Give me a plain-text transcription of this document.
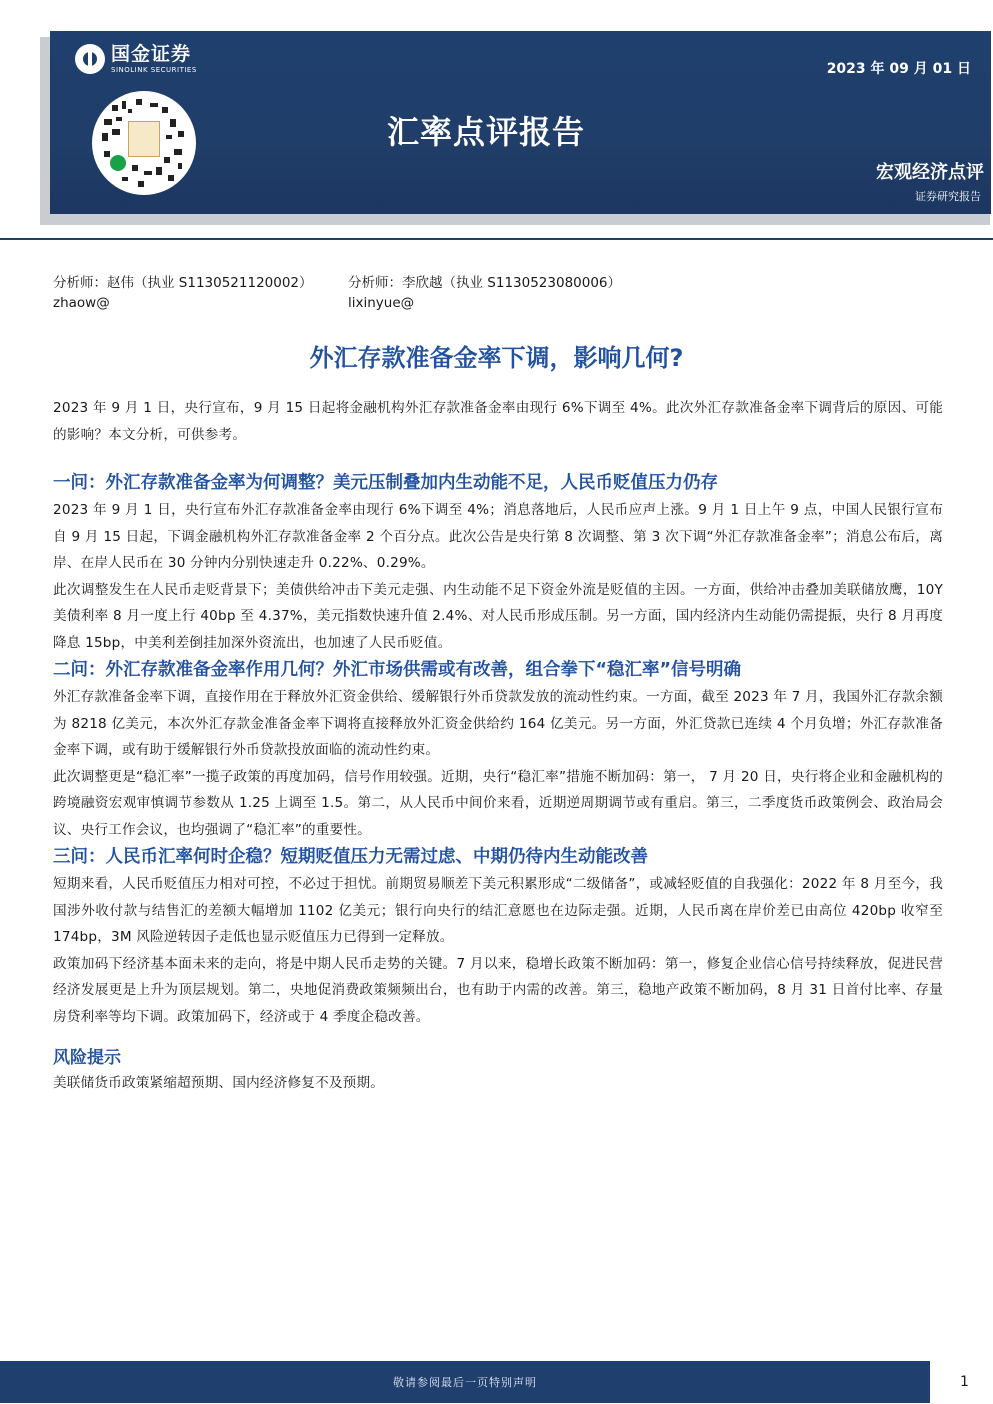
国金证券
SINOLINK SECURITIES	2023 年 09 月 01 日
汇率点评报告
宏观经济点评
证券研究报告
分析师：赵伟（执业 S1130521120002）
zhaow@
分析师：李欣越（执业 S1130523080006）
lixinyue@
外汇存款准备金率下调，影响几何?

2023 年 9 月 1 日，央行宣布，9 月 15 日起将金融机构外汇存款准备金率由现行 6%下调至 4%。此次外汇存款准备金率下调背后的原因、可能的影响？本文分析，可供参考。

一问：外汇存款准备金率为何调整？美元压制叠加内生动能不足，人民币贬值压力仍存

2023 年 9 月 1 日，央行宣布外汇存款准备金率由现行 6%下调至 4%；消息落地后，人民币应声上涨。9 月 1 日上午 9 点，中国人民银行宣布自 9 月 15 日起，下调金融机构外汇存款准备金率 2 个百分点。此次公告是央行第 8 次调整、第 3 次下调“外汇存款准备金率”；消息公布后，离岸、在岸人民币在 30 分钟内分别快速走升 0.22%、0.29%。

此次调整发生在人民币走贬背景下；美债供给冲击下美元走强、内生动能不足下资金外流是贬值的主因。一方面，供给冲击叠加美联储放鹰，10Y 美债利率 8 月一度上行 40bp 至 4.37%，美元指数快速升值 2.4%、对人民币形成压制。另一方面，国内经济内生动能仍需提振，央行 8 月再度降息 15bp，中美利差倒挂加深外资流出，也加速了人民币贬值。

二问：外汇存款准备金率作用几何？外汇市场供需或有改善，组合拳下“稳汇率”信号明确

外汇存款准备金率下调，直接作用在于释放外汇资金供给、缓解银行外币贷款发放的流动性约束。一方面，截至 2023 年 7 月，我国外汇存款余额为 8218 亿美元，本次外汇存款金准备金率下调将直接释放外汇资金供给约 164 亿美元。另一方面，外汇贷款已连续 4 个月负增；外汇存款准备金率下调，或有助于缓解银行外币贷款投放面临的流动性约束。

此次调整更是“稳汇率”一揽子政策的再度加码，信号作用较强。近期，央行“稳汇率”措施不断加码：第一， 7 月 20 日，央行将企业和金融机构的跨境融资宏观审慎调节参数从 1.25 上调至 1.5。第二，从人民币中间价来看，近期逆周期调节或有重启。第三，二季度货币政策例会、政治局会议、央行工作会议，也均强调了“稳汇率”的重要性。

三问：人民币汇率何时企稳？短期贬值压力无需过虑、中期仍待内生动能改善

短期来看，人民币贬值压力相对可控，不必过于担忧。前期贸易顺差下美元积累形成“二级储备”，或减轻贬值的自我强化：2022 年 8 月至今，我国涉外收付款与结售汇的差额大幅增加 1102 亿美元；银行向央行的结汇意愿也在边际走强。近期，人民币离在岸价差已由高位 420bp 收窄至 174bp，3M 风险逆转因子走低也显示贬值压力已得到一定释放。

政策加码下经济基本面未来的走向，将是中期人民币走势的关键。7 月以来，稳增长政策不断加码：第一，修复企业信心信号持续释放，促进民营经济发展更是上升为顶层规划。第二，央地促消费政策频频出台，也有助于内需的改善。第三，稳地产政策不断加码，8 月 31 日首付比率、存量房贷利率等均下调。政策加码下，经济或于 4 季度企稳改善。

风险提示

美联储货币政策紧缩超预期、国内经济修复不及预期。

敬请参阅最后一页特别声明	1
